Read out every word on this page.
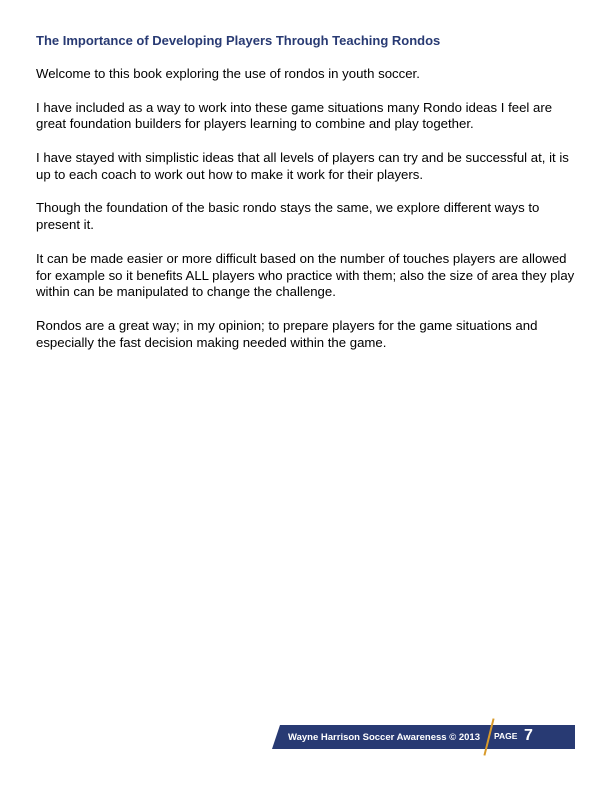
The Importance of Developing Players Through Teaching Rondos

Welcome to this book exploring the use of rondos in youth soccer.

I have included as a way to work into these game situations many Rondo ideas I feel are great foundation builders for players learning to combine and play together.

I have stayed with simplistic ideas that all levels of players can try and be successful at, it is up to each coach to work out how to make it work for their players.

Though the foundation of the basic rondo stays the same, we explore different ways to present it.

It can be made easier or more difficult based on the number of touches players are allowed for example so it benefits ALL players who practice with them; also the size of area they play within can be manipulated to change the challenge.

Rondos are a great way; in my opinion; to prepare players for the game situations and especially the fast decision making needed within the game.

Wayne Harrison Soccer Awareness © 2013 PAGE 7
